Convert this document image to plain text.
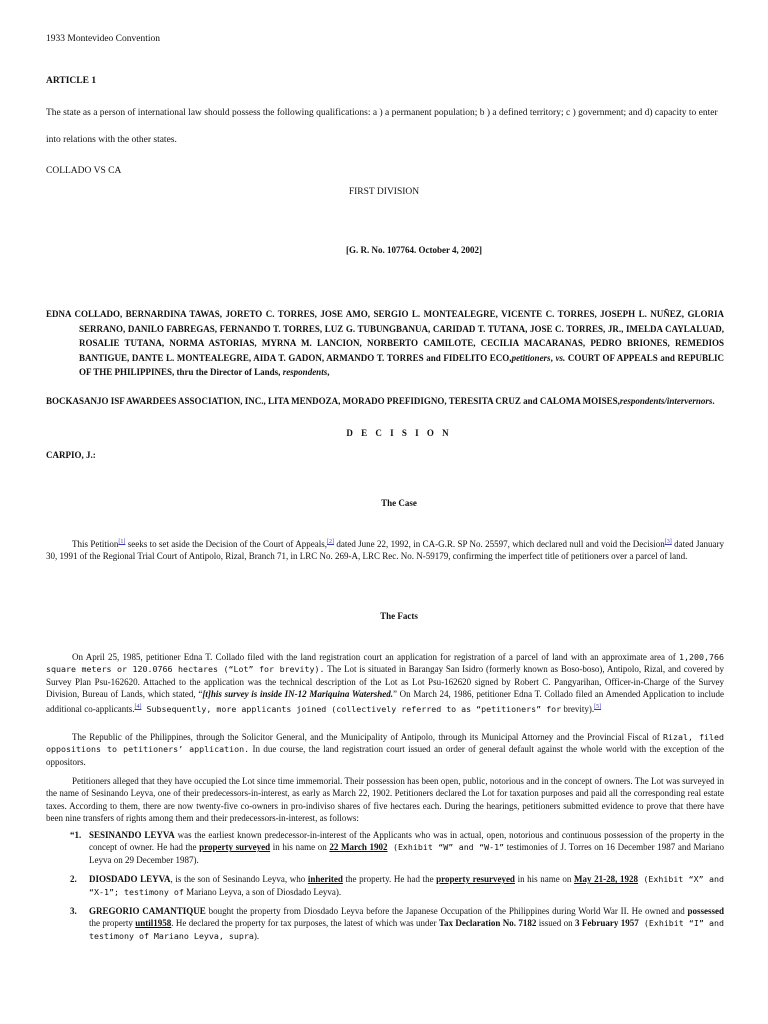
1933 Montevideo Convention
ARTICLE 1
The state as a person of international law should possess the following qualifications: a ) a permanent population; b ) a defined territory; c ) government; and d) capacity to enter into relations with the other states.
COLLADO VS CA
FIRST DIVISION
[G. R. No. 107764. October 4, 2002]

EDNA COLLADO, BERNARDINA TAWAS, JORETO C. TORRES, JOSE AMO, SERGIO L. MONTEALEGRE, VICENTE C. TORRES, JOSEPH L. NUÑEZ, GLORIA SERRANO, DANILO FABREGAS, FERNANDO T. TORRES, LUZ G. TUBUNGBANUA, CARIDAD T. TUTANA, JOSE C. TORRES, JR., IMELDA CAYLALUAD, ROSALIE TUTANA, NORMA ASTORIAS, MYRNA M. LANCION, NORBERTO CAMILOTE, CECILIA MACARANAS, PEDRO BRIONES, REMEDIOS BANTIGUE, DANTE L. MONTEALEGRE, AIDA T. GADON, ARMANDO T. TORRES and FIDELITO ECO,petitioners, vs. COURT OF APPEALS and REPUBLIC OF THE PHILIPPINES, thru the Director of Lands, respondents,

BOCKASANJO ISF AWARDEES ASSOCIATION, INC., LITA MENDOZA, MORADO PREFIDIGNO, TERESITA CRUZ and CALOMA MOISES,respondents/intervernors.

D E C I S I O N
CARPIO, J.:
The Case

This Petition[1] seeks to set aside the Decision of the Court of Appeals,[2] dated June 22, 1992, in CA-G.R. SP No. 25597, which declared null and void the Decision[3] dated January 30, 1991 of the Regional Trial Court of Antipolo, Rizal, Branch 71, in LRC No. 269-A, LRC Rec. No. N-59179, confirming the imperfect title of petitioners over a parcel of land.

The Facts

On April 25, 1985, petitioner Edna T. Collado filed with the land registration court an application for registration of a parcel of land with an approximate area of 1,200,766 square meters or 120.0766 hectares (“Lot” for brevity). The Lot is situated in Barangay San Isidro (formerly known as Boso-boso), Antipolo, Rizal, and covered by Survey Plan Psu-162620. Attached to the application was the technical description of the Lot as Lot Psu-162620 signed by Robert C. Pangyarihan, Officer-in-Charge of the Survey Division, Bureau of Lands, which stated, “[t]his survey is inside IN-12 Mariquina Watershed.” On March 24, 1986, petitioner Edna T. Collado filed an Amended Application to include additional co-applicants.[4] Subsequently, more applicants joined (collectively referred to as “petitioners” for brevity).[5]

The Republic of the Philippines, through the Solicitor General, and the Municipality of Antipolo, through its Municipal Attorney and the Provincial Fiscal of Rizal, filed oppositions to petitioners’ application. In due course, the land registration court issued an order of general default against the whole world with the exception of the oppositors.

Petitioners alleged that they have occupied the Lot since time immemorial. Their possession has been open, public, notorious and in the concept of owners. The Lot was surveyed in the name of Sesinando Leyva, one of their predecessors-in-interest, as early as March 22, 1902. Petitioners declared the Lot for taxation purposes and paid all the corresponding real estate taxes. According to them, there are now twenty-five co-owners in pro-indiviso shares of five hectares each. During the hearings, petitioners submitted evidence to prove that there have been nine transfers of rights among them and their predecessors-in-interest, as follows:

“1. SESINANDO LEYVA was the earliest known predecessor-in-interest of the Applicants who was in actual, open, notorious and continuous possession of the property in the concept of owner. He had the property surveyed in his name on 22 March 1902 (Exhibit “W” and “W-1” testimonies of J. Torres on 16 December 1987 and Mariano Leyva on 29 December 1987).

2. DIOSDADO LEYVA, is the son of Sesinando Leyva, who inherited the property. He had the property resurveyed in his name on May 21-28, 1928 (Exhibit “X” and “X-1”; testimony of Mariano Leyva, a son of Diosdado Leyva).

3. GREGORIO CAMANTIQUE bought the property from Diosdado Leyva before the Japanese Occupation of the Philippines during World War II. He owned and possessed the property until1958. He declared the property for tax purposes, the latest of which was under Tax Declaration No. 7182 issued on 3 February 1957 (Exhibit “I” and testimony of Mariano Leyva, supra).
